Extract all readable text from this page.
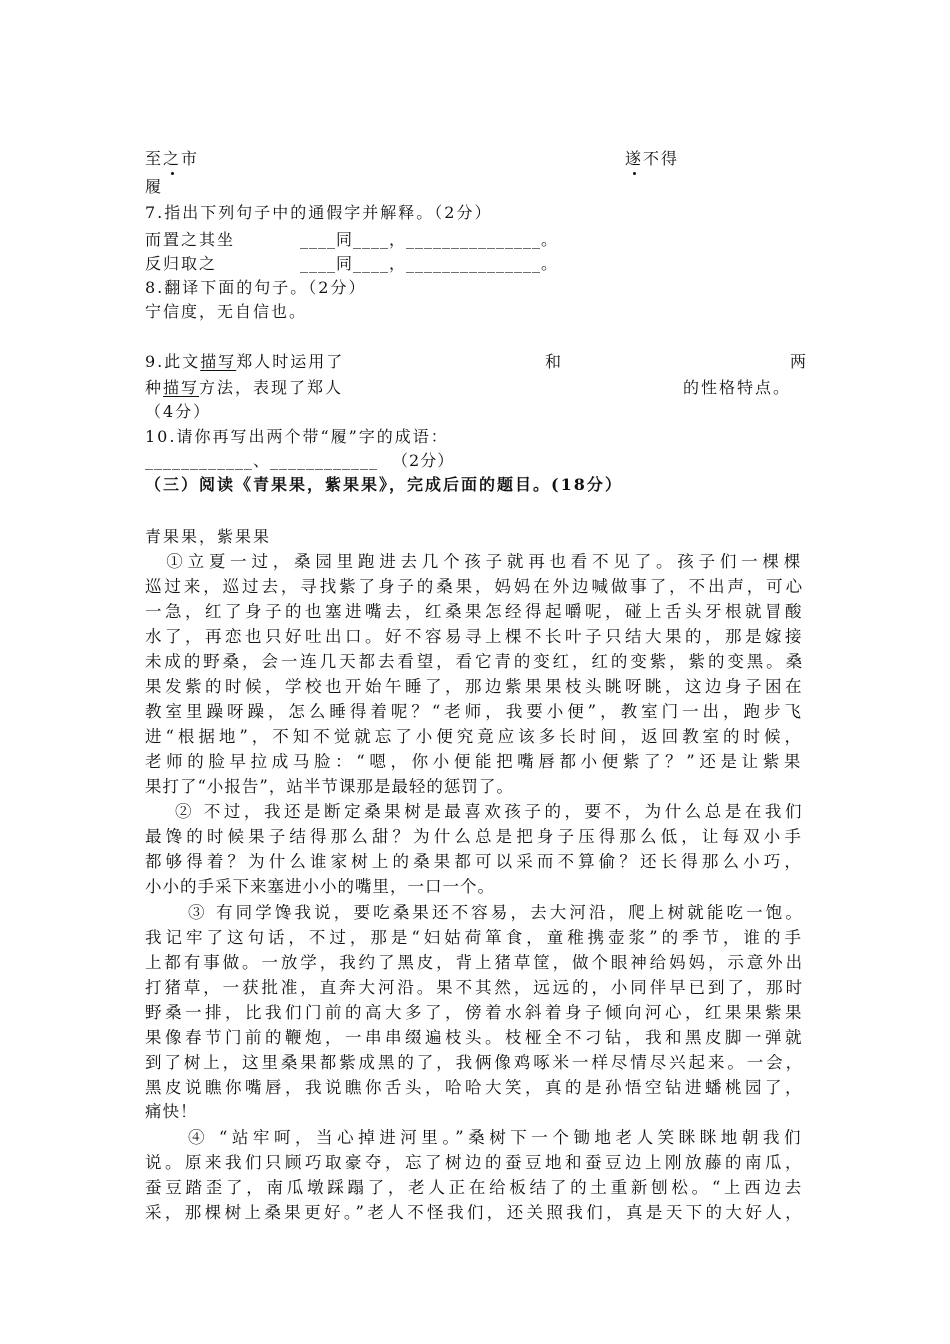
至之市	遂不得
履
7.指出下列句子中的通假字并解释。（2分）
而置之其坐	____同____，_______________。
反归取之	____同____，_______________。
8.翻译下面的句子。（2分）
宁信度，无自信也。
9.此文描写郑人时运用了	和	两
种描写方法，表现了郑人	的性格特点。
（4分）
10.请你再写出两个带“履”字的成语：
____________、____________ （2分）
（三）阅读《青果果，紫果果》，完成后面的题目。(18分）
青果果，紫果果
　①立夏一过，桑园里跑进去几个孩子就再也看不见了。孩子们一棵棵
巡过来，巡过去，寻找紫了身子的桑果，妈妈在外边喊做事了，不出声，可心
一急，红了身子的也塞进嘴去，红桑果怎经得起嚼呢，碰上舌头牙根就冒酸
水了，再恋也只好吐出口。好不容易寻上棵不长叶子只结大果的，那是嫁接
未成的野桑，会一连几天都去看望，看它青的变红，红的变紫，紫的变黑。桑
果发紫的时候，学校也开始午睡了，那边紫果果枝头眺呀眺，这边身子困在
教室里躁呀躁，怎么睡得着呢？“老师，我要小便”，教室门一出，跑步飞
进“根据地”，不知不觉就忘了小便究竟应该多长时间，返回教室的时候，
老师的脸早拉成马脸：“嗯，你小便能把嘴唇都小便紫了？”还是让紫果
果打了“小报告”，站半节课那是最轻的惩罚了。
② 不过，我还是断定桑果树是最喜欢孩子的，要不，为什么总是在我们
最馋的时候果子结得那么甜？为什么总是把身子压得那么低，让每双小手
都够得着？为什么谁家树上的桑果都可以采而不算偷？还长得那么小巧，
小小的手采下来塞进小小的嘴里，一口一个。
③ 有同学馋我说，要吃桑果还不容易，去大河沿，爬上树就能吃一饱。
我记牢了这句话，不过，那是“妇姑荷箪食，童稚携壶浆”的季节，谁的手
上都有事做。一放学，我约了黑皮，背上猪草筐，做个眼神给妈妈，示意外出
打猪草，一获批准，直奔大河沿。果不其然，远远的，小同伴早已到了，那时
野桑一排，比我们门前的高大多了，傍着水斜着身子倾向河心，红果果紫果
果像春节门前的鞭炮，一串串缀遍枝头。枝桠全不刁钻，我和黑皮脚一弹就
到了树上，这里桑果都紫成黑的了，我俩像鸡啄米一样尽情尽兴起来。一会，
黑皮说瞧你嘴唇，我说瞧你舌头，哈哈大笑，真的是孙悟空钻进蟠桃园了，
痛快！
④ “站牢呵，当心掉进河里。”桑树下一个锄地老人笑眯眯地朝我们
说。原来我们只顾巧取豪夺，忘了树边的蚕豆地和蚕豆边上刚放藤的南瓜，
蚕豆踏歪了，南瓜墩踩蹋了，老人正在给板结了的土重新刨松。“上西边去
采，那棵树上桑果更好。”老人不怪我们，还关照我们，真是天下的大好人，
